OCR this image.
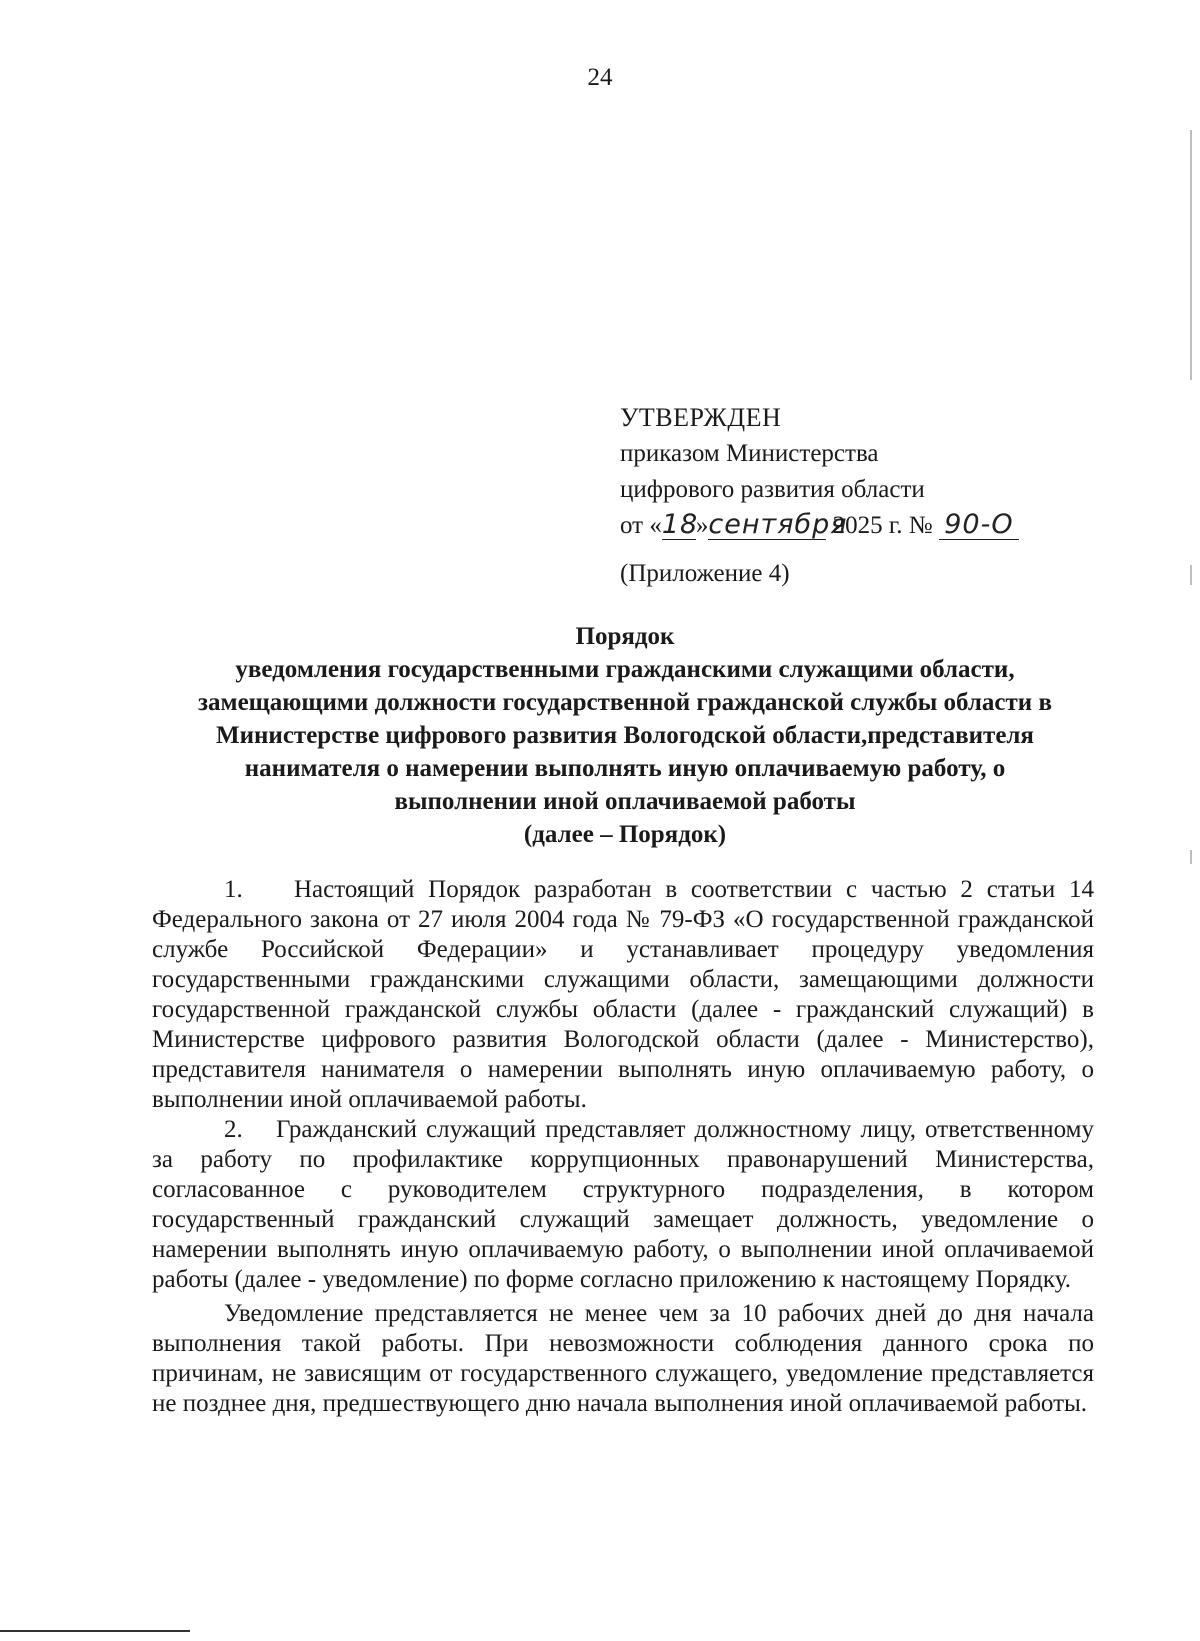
24
УТВЕРЖДЕН
приказом Министерства
цифрового развития области
от «18»сентября 2025 г. № 90-О
(Приложение 4)
Порядок
уведомления государственными гражданскими служащими области,
замещающими должности государственной гражданской службы области в
Министерстве цифрового развития Вологодской области,представителя
нанимателя о намерении выполнять иную оплачиваемую работу, о
выполнении иной оплачиваемой работы
(далее – Порядок)

1. Настоящий Порядок разработан в соответствии с частью 2 статьи 14 Федерального закона от 27 июля 2004 года № 79-ФЗ «О государственной гражданской службе Российской Федерации» и устанавливает процедуру уведомления государственными гражданскими служащими области, замещающими должности государственной гражданской службы области (далее - гражданский служащий) в Министерстве цифрового развития Вологодской области (далее - Министерство), представителя нанимателя о намерении выполнять иную оплачиваемую работу, о выполнении иной оплачиваемой работы.

2. Гражданский служащий представляет должностному лицу, ответственному за работу по профилактике коррупционных правонарушений Министерства, согласованное с руководителем структурного подразделения, в котором государственный гражданский служащий замещает должность, уведомление о намерении выполнять иную оплачиваемую работу, о выполнении иной оплачиваемой работы (далее - уведомление) по форме согласно приложению к настоящему Порядку.

Уведомление представляется не менее чем за 10 рабочих дней до дня начала выполнения такой работы. При невозможности соблюдения данного срока по причинам, не зависящим от государственного служащего, уведомление представляется не позднее дня, предшествующего дню начала выполнения иной оплачиваемой работы.
